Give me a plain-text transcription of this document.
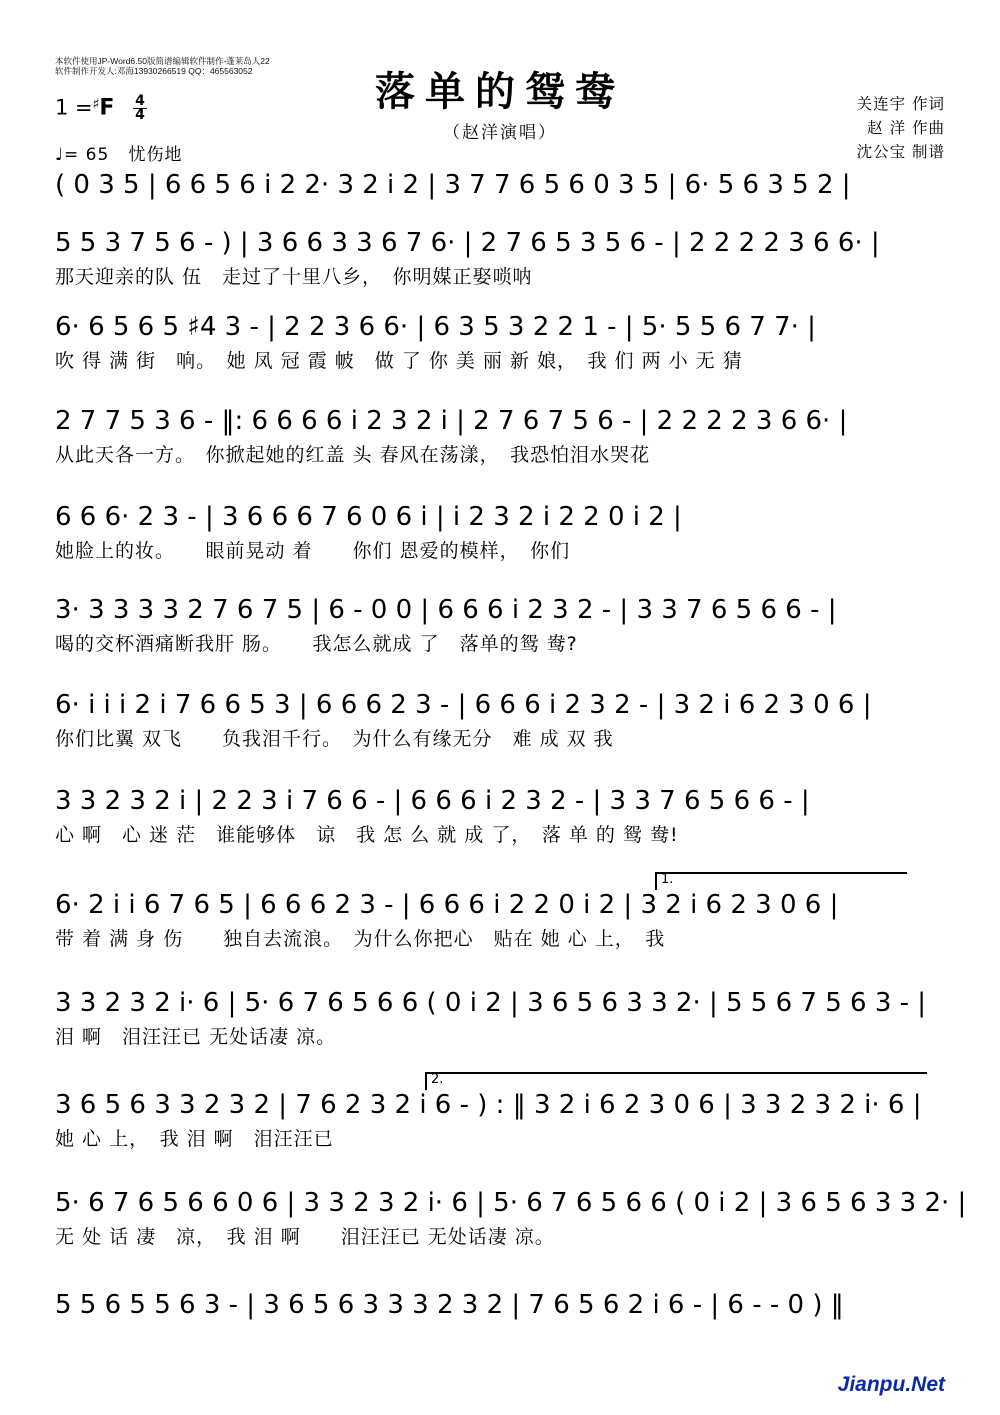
本软件使用JP-Word6.50版简谱编辑软件制作-蓬莱岛人22
软件制作开发人:邓海13930266519 QQ：465563052	落单的鸳鸯
（赵洋演唱）
关连宇 作词
赵 洋 作曲
沈公宝 制谱
$1 =^♯F \frac{4}{4}$
♩= 65 忧伤地
( 0 3 5 | 6 6 5 6 i 2 2· 3 2 i 2 | 3 7 7 6 5 6 0 3 5 | 6· 5 6 3 5 2 |
5 5 3 7 5 6 - ) | 3 6 6 3 3 6 7 6· | 2 7 6 5 3 5 6 - | 2 2 2 2 3 6 6· |
那天迎亲的队 伍　走过了十里八乡，　你明媒正娶唢呐
6· 6 5 6 5 ♯4 3 - | 2 2 3 6 6· | 6 3 5 3 2 2 1 - | 5· 5 5 6 7 7· |
吹 得 满 街　响。　她 凤 冠 霞 帔　做 了 你 美 丽 新 娘，　我 们 两 小 无 猜
2 7 7 5 3 6 - ‖: 6 6 6 6 i 2 3 2 i | 2 7 6 7 5 6 - | 2 2 2 2 3 6 6· |
从此天各一方。　你掀起她的红盖 头 春风在荡漾，　我恐怕泪水哭花
6 6 6· 2 3 - | 3 6 6 6 7 6 0 6 i | i 2 3 2 i 2 2 0 i 2 |
她脸上的妆。　　眼前晃动 着　　你们 恩爱的模样，　你们
3· 3 3 3 3 2 7 6 7 5 | 6 - 0 0 | 6 6 6 i 2 3 2 - | 3 3 7 6 5 6 6 - |
喝的交杯酒痛断我肝 肠。　　我怎么就成 了　落单的鸳 鸯?
6· i i i 2 i 7 6 6 5 3 | 6 6 6 2 3 - | 6 6 6 i 2 3 2 - | 3 2 i 6 2 3 0 6 |
你们比翼 双飞　　负我泪千行。　为什么有缘无分　难 成 双 我
3 3 2 3 2 i | 2 2 3 i 7 6 6 - | 6 6 6 i 2 3 2 - | 3 3 7 6 5 6 6 - |
心 啊　心 迷 茫　谁能够体　谅　我 怎 么 就 成 了，　落 单 的 鸳 鸯!
6· 2 i i 6 7 6 5 | 6 6 6 2 3 - | 6 6 6 i 2 2 0 i 2 | 3 2 i 6 2 3 0 6 |
带 着 满 身 伤　　独自去流浪。　为什么你把心　贴在 她 心 上，　我
1.
3 3 2 3 2 i· 6 | 5· 6 7 6 5 6 6 ( 0 i 2 | 3 6 5 6 3 3 2· | 5 5 6 7 5 6 3 - |
泪 啊　泪汪汪已 无处话凄 凉。
3 6 5 6 3 3 2 3 2 | 7 6 2 3 2 i 6 - ) : ‖ 3 2 i 6 2 3 0 6 | 3 3 2 3 2 i· 6 |
她 心 上，　我 泪 啊　泪汪汪已
2.
5· 6 7 6 5 6 6 0 6 | 3 3 2 3 2 i· 6 | 5· 6 7 6 5 6 6 ( 0 i 2 | 3 6 5 6 3 3 2· |
无 处 话 凄　凉，　我 泪 啊　　泪汪汪已 无处话凄 凉。
5 5 6 5 5 6 3 - | 3 6 5 6 3 3 3 2 3 2 | 7 6 5 6 2 i 6 - | 6 - - 0 ) ‖
Jianpu.Net
